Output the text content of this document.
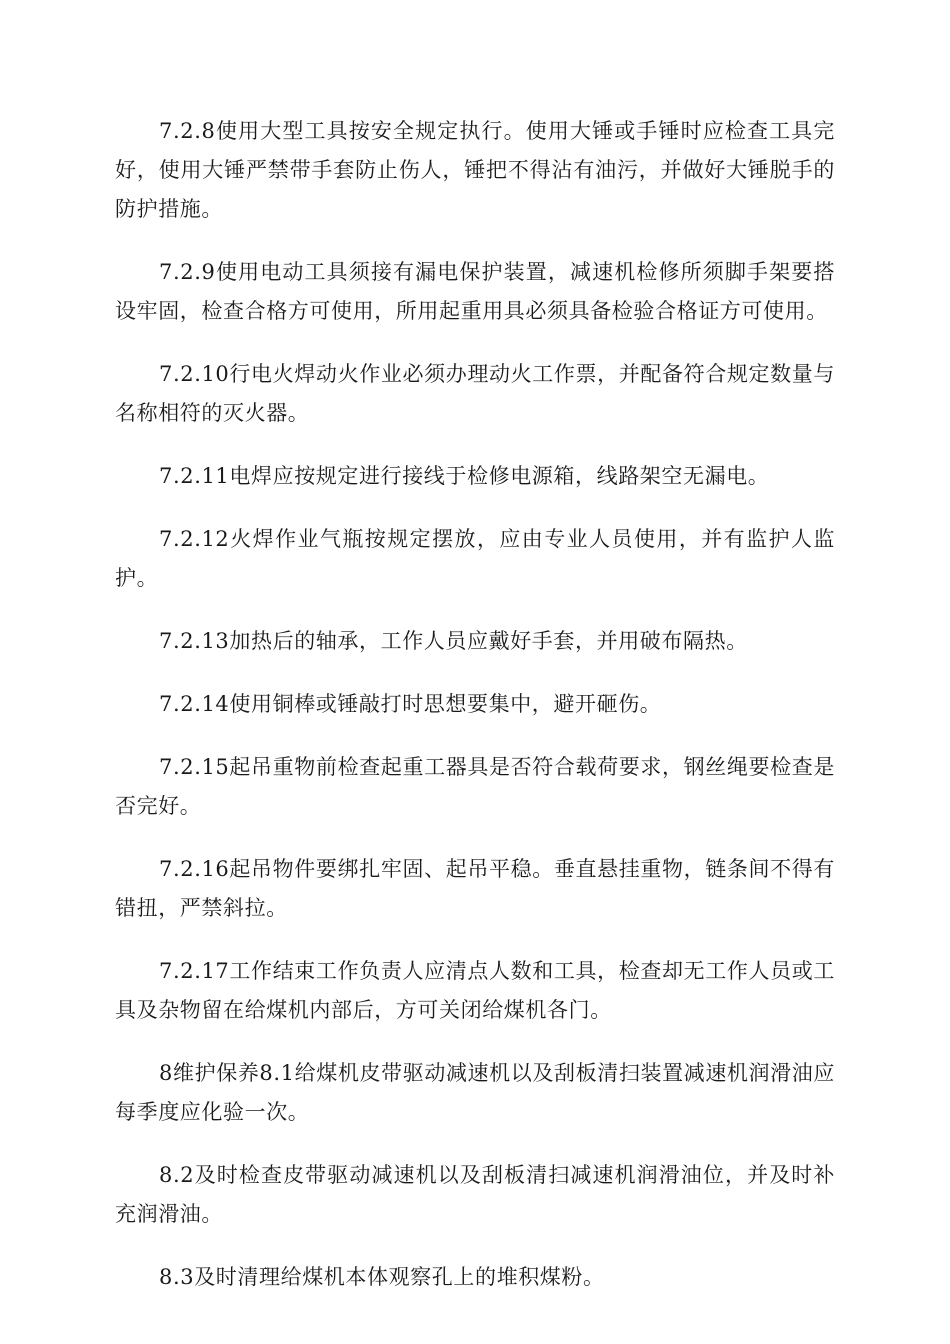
7.2.8使用大型工具按安全规定执行。使用大锤或手锤时应检查工具完好，使用大锤严禁带手套防止伤人，锤把不得沾有油污，并做好大锤脱手的防护措施。

7.2.9使用电动工具须接有漏电保护装置，减速机检修所须脚手架要搭设牢固，检查合格方可使用，所用起重用具必须具备检验合格证方可使用。

7.2.10行电火焊动火作业必须办理动火工作票，并配备符合规定数量与名称相符的灭火器。

7.2.11电焊应按规定进行接线于检修电源箱，线路架空无漏电。

7.2.12火焊作业气瓶按规定摆放，应由专业人员使用，并有监护人监护。

7.2.13加热后的轴承，工作人员应戴好手套，并用破布隔热。

7.2.14使用铜棒或锤敲打时思想要集中，避开砸伤。

7.2.15起吊重物前检查起重工器具是否符合载荷要求，钢丝绳要检查是否完好。

7.2.16起吊物件要绑扎牢固、起吊平稳。垂直悬挂重物，链条间不得有错扭，严禁斜拉。

7.2.17工作结束工作负责人应清点人数和工具，检查却无工作人员或工具及杂物留在给煤机内部后，方可关闭给煤机各门。

8维护保养8.1给煤机皮带驱动减速机以及刮板清扫装置减速机润滑油应每季度应化验一次。

8.2及时检查皮带驱动减速机以及刮板清扫减速机润滑油位，并及时补充润滑油。

8.3及时清理给煤机本体观察孔上的堆积煤粉。
